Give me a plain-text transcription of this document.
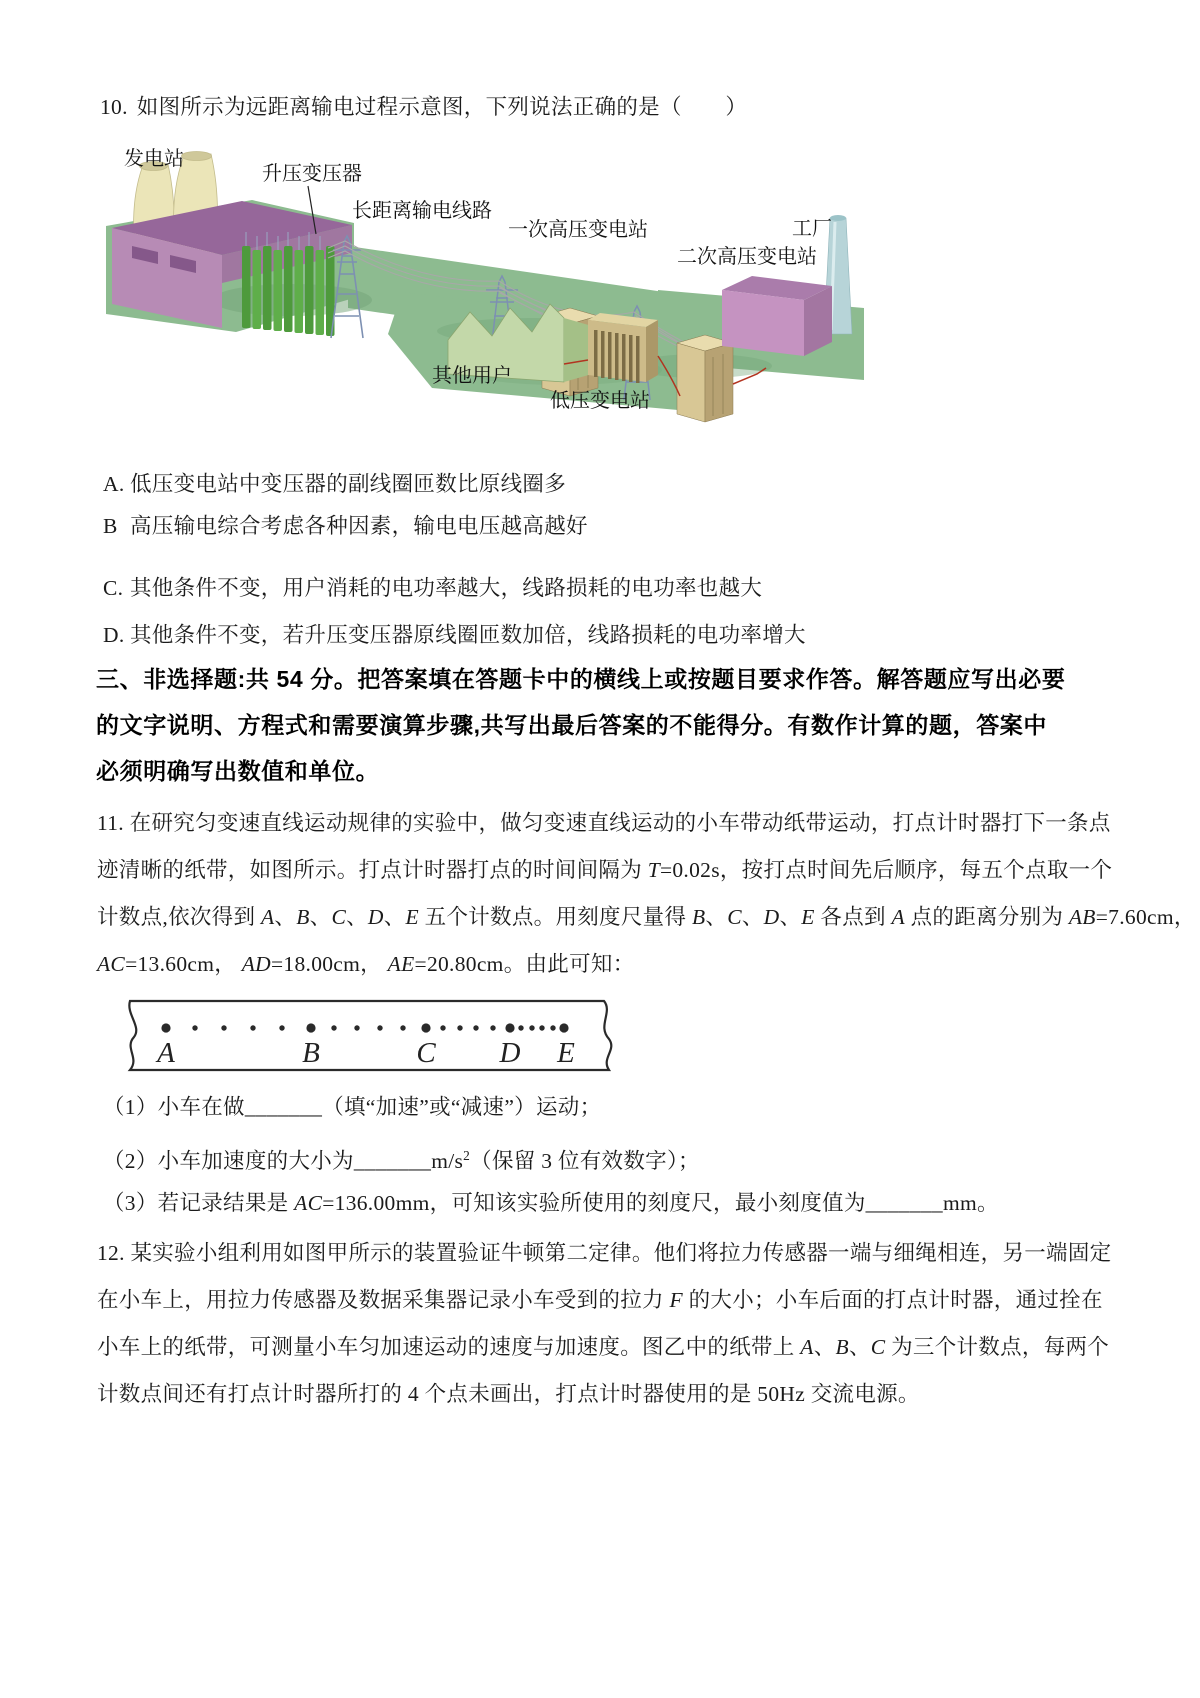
10. 如图所示为远距离输电过程示意图，下列说法正确的是（　　）
发电站
升压变压器
长距离输电线路
一次高压变电站
二次高压变电站
工厂
其他用户
低压变电站
A. 低压变电站中变压器的副线圈匝数比原线圈多
B 高压输电综合考虑各种因素，输电电压越高越好
C. 其他条件不变，用户消耗的电功率越大，线路损耗的电功率也越大
D. 其他条件不变，若升压变压器原线圈匝数加倍，线路损耗的电功率增大
三、非选择题:共 54 分。把答案填在答题卡中的横线上或按题目要求作答。解答题应写出必要
的文字说明、方程式和需要演算步骤,共写出最后答案的不能得分。有数作计算的题，答案中
必须明确写出数值和单位。
11. 在研究匀变速直线运动规律的实验中，做匀变速直线运动的小车带动纸带运动，打点计时器打下一条点
迹清晰的纸带，如图所示。打点计时器打点的时间间隔为 T=0.02s，按打点时间先后顺序，每五个点取一个
计数点,依次得到 A、B、C、D、E 五个计数点。用刻度尺量得 B、C、D、E 各点到 A 点的距离分别为 AB=7.60cm，
AC=13.60cm， AD=18.00cm， AE=20.80cm。由此可知：
A	B	C D E
（1）小车在做_______（填“加速”或“减速”）运动；
（2）小车加速度的大小为$\_\_\_\_\_\_\_m/s^2$（保留 3 位有效数字）；
（3）若记录结果是 AC=136.00mm，可知该实验所使用的刻度尺，最小刻度值为_______mm。
12. 某实验小组利用如图甲所示的装置验证牛顿第二定律。他们将拉力传感器一端与细绳相连，另一端固定
在小车上，用拉力传感器及数据采集器记录小车受到的拉力 F 的大小；小车后面的打点计时器，通过拴在
小车上的纸带，可测量小车匀加速运动的速度与加速度。图乙中的纸带上 A、B、C 为三个计数点，每两个
计数点间还有打点计时器所打的 4 个点未画出，打点计时器使用的是 50Hz 交流电源。
